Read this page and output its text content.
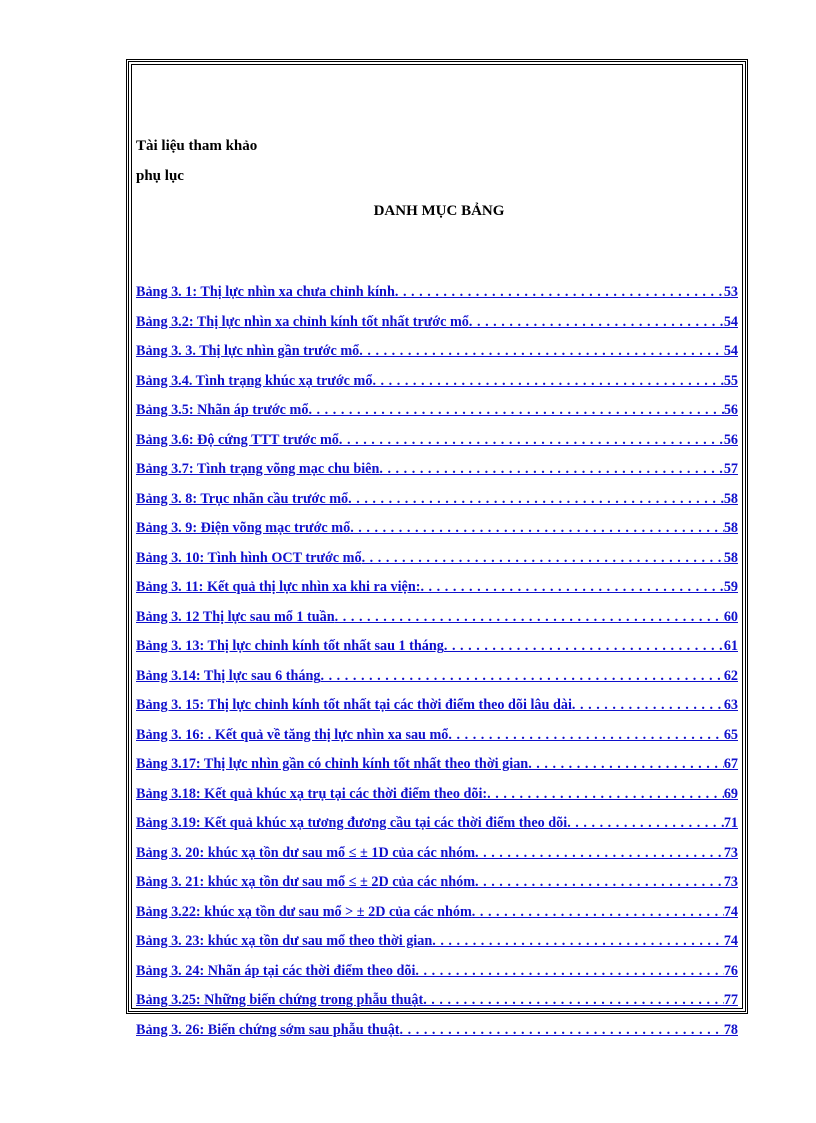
Tài liệu tham khảo

phụ lục

DANH MỤC BẢNG
Bảng 3. 1: Thị lực nhìn xa chưa chỉnh kính . . .	53
Bảng 3.2: Thị lực nhìn xa chỉnh kính tốt nhất trước mổ . . .	54
Bảng 3. 3. Thị lực nhìn gần trước mổ . . .	54
Bảng 3.4. Tình trạng khúc xạ trước mổ . . .	55
Bảng 3.5: Nhãn áp trước mổ . . .	56
Bảng 3.6: Độ cứng TTT trước mổ . . .	56
Bảng 3.7: Tình trạng võng mạc chu biên . . .	57
Bảng 3. 8: Trục nhãn cầu trước mổ . . .	58
Bảng 3. 9: Điện võng mạc trước mổ . . .	58
Bảng 3. 10: Tình hình OCT trước mổ . . .	58
Bảng 3. 11: Kết quả thị lực nhìn xa khi ra viện: . . .	59
Bảng 3. 12 Thị lực sau mổ 1 tuần . . .	60
Bảng 3. 13: Thị lực chỉnh kính tốt nhất sau 1 tháng . . .	61
Bảng 3.14: Thị lực sau 6 tháng . . .	62
Bảng 3. 15: Thị lực chỉnh kính tốt nhất tại các thời điểm theo dõi lâu dài . . .	63
Bảng 3. 16: . Kết quả về tăng thị lực nhìn xa sau mổ . . .	65
Bảng 3.17: Thị lực nhìn gần có chỉnh kính tốt nhất theo thời gian . . .	67
Bảng 3.18: Kết quả khúc xạ trụ tại các thời điểm theo dõi: . . .	69
Bảng 3.19: Kết quả khúc xạ tương đương cầu tại các thời điểm theo dõi . . .	71
Bảng 3. 20: khúc xạ tồn dư sau mổ ≤ ± 1D của các nhóm . . .	73
Bảng 3. 21: khúc xạ tồn dư sau mổ ≤ ± 2D của các nhóm . . .	73
Bảng 3.22: khúc xạ tồn dư sau mổ > ± 2D của các nhóm . . .	74
Bảng 3. 23: khúc xạ tồn dư sau mổ theo thời gian . . .	74
Bảng 3. 24: Nhãn áp tại các thời điểm theo dõi . . .	76
Bảng 3.25: Những biến chứng trong phẫu thuật . . .	77
Bảng 3. 26: Biến chứng sớm sau phẫu thuật . . .	78
